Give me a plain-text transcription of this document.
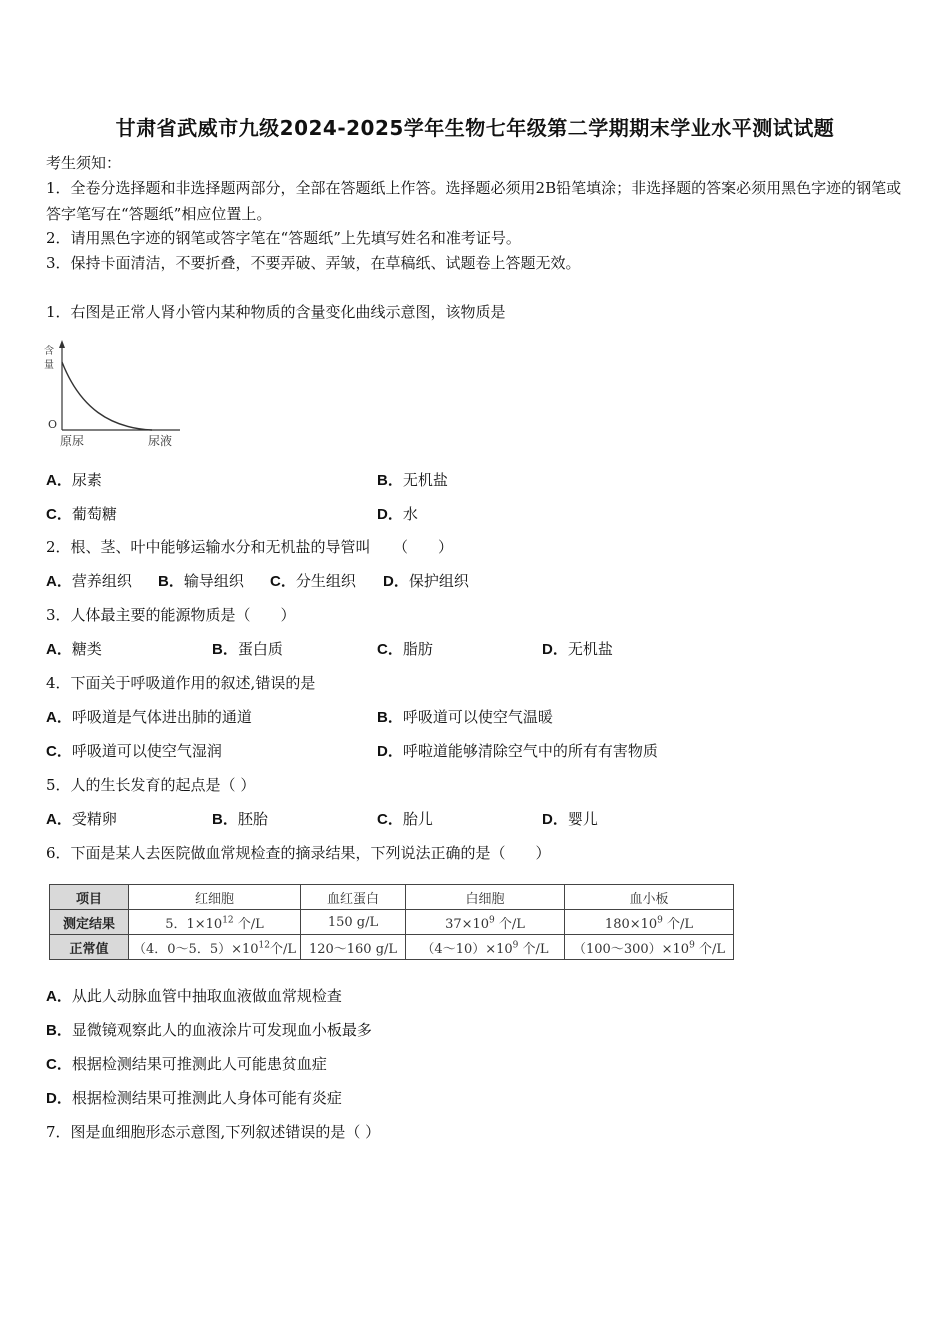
甘肃省武威市九级2024-2025学年生物七年级第二学期期末学业水平测试试题
考生须知：
1．全卷分选择题和非选择题两部分，全部在答题纸上作答。选择题必须用2B铅笔填涂；非选择题的答案必须用黑色字迹的钢笔或答字笔写在“答题纸”相应位置上。
2．请用黑色字迹的钢笔或答字笔在“答题纸”上先填写姓名和准考证号。
3．保持卡面清洁，不要折叠，不要弄破、弄皱，在草稿纸、试题卷上答题无效。
1．右图是正常人肾小管内某种物质的含量变化曲线示意图，该物质是
含
量
O
原尿	尿液
A．尿素	B．无机盐
C．葡萄糖	D．水
2．根、茎、叶中能够运输水分和无机盐的导管叫　　（　　）
A．营养组织 B．输导组织 C．分生组织 D．保护组织
3．人体最主要的能源物质是（　　）
A．糖类	B．蛋白质	C．脂肪	D．无机盐
4．下面关于呼吸道作用的叙述,错误的是
A．呼吸道是气体进出肺的通道	B．呼吸道可以使空气温暖
C．呼吸道可以使空气湿润	D．呼啦道能够清除空气中的所有有害物质
5．人的生长发育的起点是（ ）
A．受精卵	B．胚胎	C．胎儿	D．婴儿
6．下面是某人去医院做血常规检查的摘录结果，下列说法正确的是（　　）
项目	红细胞	血红蛋白	白细胞	血小板
测定结果	5．$1\times 10^{12}$ 个/L	150 g/L	$37\times 10^9$ 个/L	$180\times 10^9$ 个/L
正常值	（4．0～5．$5)\times 10^{12}$个/L	120～160 g/L	$(4\sim 10)\times 10^9$ 个/L	$(100\sim 300)\times 10^9$ 个/L
A．从此人动脉血管中抽取血液做血常规检查
B．显微镜观察此人的血液涂片可发现血小板最多
C．根据检测结果可推测此人可能患贫血症
D．根据检测结果可推测此人身体可能有炎症
7．图是血细胞形态示意图,下列叙述错误的是（ ）
